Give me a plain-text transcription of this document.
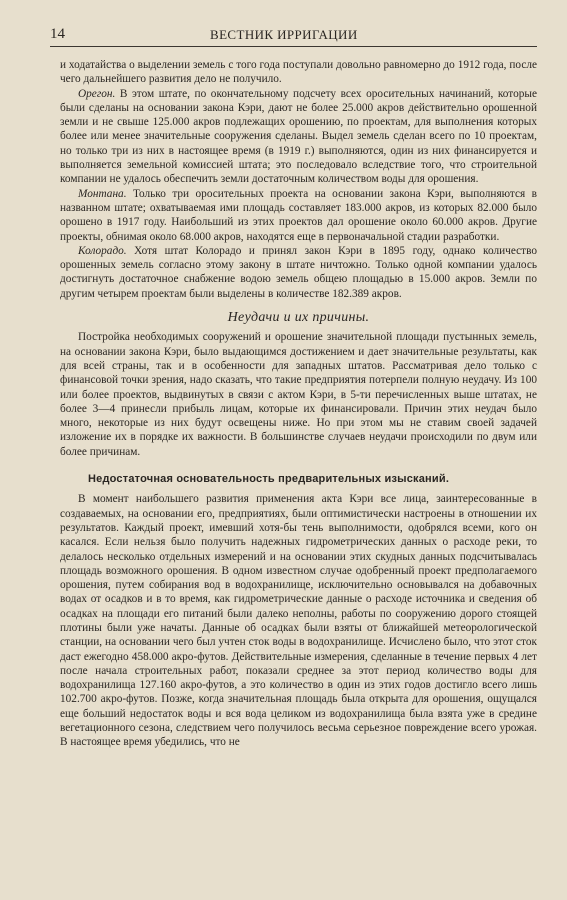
14	ВЕСТНИК ИРРИГАЦИИ

и ходатайства о выделении земель с того года поступали довольно равномерно до 1912 года, после чего дальнейшего развития дело не получило.

Орегон. В этом штате, по окончательному подсчету всех оросительных начинаний, которые были сделаны на основании закона Кэри, дают не более 25.000 акров действительно орошенной земли и не свыше 125.000 акров подлежащих орошению, по проектам, для выполнения которых более или менее значительные сооружения сделаны. Выдел земель сделан всего по 10 проектам, но только три из них в настоящее время (в 1919 г.) выполняются, один из них финансируется и выполняется земельной комиссией штата; это последовало вследствие того, что строительной компании не удалось обеспечить земли достаточным количеством воды для орошения.

Монтана. Только три оросительных проекта на основании закона Кэри, выполняются в названном штате; охватываемая ими площадь составляет 183.000 акров, из которых 82.000 было орошено в 1917 году. Наибольший из этих проектов дал орошение около 60.000 акров. Другие проекты, обнимая около 68.000 акров, находятся еще в первоначальной стадии разработки.

Колорадо. Хотя штат Колорадо и принял закон Кэри в 1895 году, однако количество орошенных земель согласно этому закону в штате ничтожно. Только одной компании удалось достигнуть достаточное снабжение водою земель общею площадью в 15.000 акров. Земли по другим четырем проектам были выделены в количестве 182.389 акров.

Неудачи и их причины.

Постройка необходимых сооружений и орошение значительной площади пустынных земель, на основании закона Кэри, было выдающимся достижением и дает значительные результаты, как для всей страны, так и в особенности для западных штатов. Рассматривая дело только с финансовой точки зрения, надо сказать, что такие предприятия потерпели полную неудачу. Из 100 или более проектов, выдвинутых в связи с актом Кэри, в 5-ти перечисленных выше штатах, не более 3—4 принесли прибыль лицам, которые их финансировали. Причин этих неудач было много, некоторые из них будут освещены ниже. Но при этом мы не ставим своей задачей изложение их в порядке их важности. В большинстве случаев неудачи происходили по двум или более причинам.

Недостаточная основательность предварительных изысканий.

В момент наибольшего развития применения акта Кэри все лица, заинтересованные в создаваемых, на основании его, предприятиях, были оптимистически настроены в отношении их результатов. Каждый проект, имевший хотя-бы тень выполнимости, одобрялся всеми, кого он касался. Если нельзя было получить надежных гидрометрических данных о расходе реки, то делалось несколько отдельных измерений и на основании этих скудных данных подсчитывалась площадь возможного орошения. В одном известном случае одобренный проект предполагаемого орошения, путем собирания вод в водохранилище, исключительно основывался на добавочных водах от осадков и в то время, как гидрометрические данные о расходе источника и сведения об осадках на площади его питаний были далеко неполны, работы по сооружению дорого стоящей плотины были уже начаты. Данные об осадках были взяты от ближайшей метеорологической станции, на основании чего был учтен сток воды в водохранилище. Исчислено было, что этот сток даст ежегодно 458.000 акро-футов. Действительные измерения, сделанные в течение первых 4 лет после начала строительных работ, показали среднее за этот период количество воды для водохранилища 127.160 акро-футов, а это количество в один из этих годов достигло всего лишь 102.700 акро-футов. Позже, когда значительная площадь была открыта для орошения, ощущался еще больший недостаток воды и вся вода целиком из водохранилища была взята уже в средине вегетационного сезона, следствием чего получилось весьма серьезное повреждение всего урожая. В настоящее время убедились, что не
